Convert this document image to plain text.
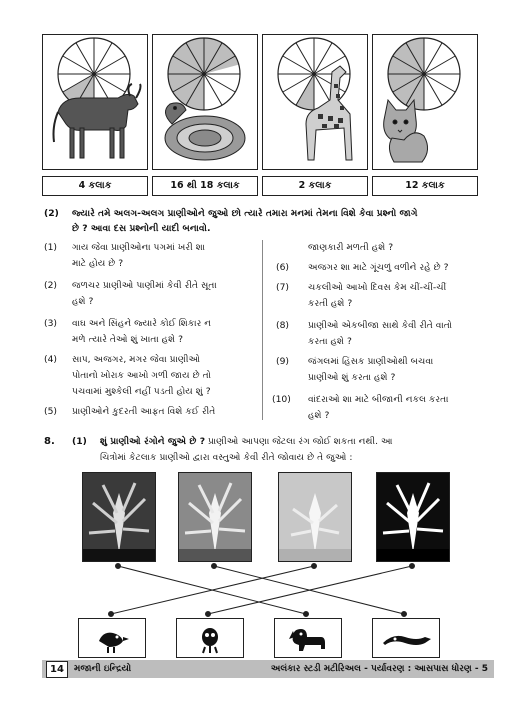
4 કલાક	16 થી 18 કલાક	2 કલાક	12 કલાક
(2) જ્યારે તમે અલગ-અલગ પ્રાણીઓને જુઓ છો ત્યારે તમારા મનમાં તેમના વિશે કેવા પ્રશ્નો જાગે
છે ? આવા દસ પ્રશ્નોની યાદી બનાવો.
(1) ગાય જેવા પ્રાણીઓના પગમાં ખરી શા
માટે હોય છે ?
(2) જળચર પ્રાણીઓ પાણીમાં કેવી રીતે સૂતા
હશે ?
(3) વાઘ અને સિંહને જ્યારે કોઈ શિકાર ન
મળે ત્યારે તેઓ શું ખાતા હશે ?
(4) સાપ, અજગર, મગર જેવા પ્રાણીઓ
પોતાનો ખોરાક આખો ગળી જાય છે તો
પચવામાં મુશ્કેલી નહીં પડતી હોય શું ?
(5) પ્રાણીઓને કુદરતી આફત વિશે કઈ રીતે
જાણકારી મળતી હશે ?
(6) અજગર શા માટે ગૂંચળું વળીને રહે છે ?
(7) ચકલીઓ આખો દિવસ કેમ ચીં-ચીં-ચીં
કરતી હશે ?
(8) પ્રાણીઓ એકબીજા સાથે કેવી રીતે વાતો
કરતા હશે ?
(9) જંગલમાં હિંસક પ્રાણીઓથી બચવા
પ્રાણીઓ શું કરતા હશે ?
(10) વાંદરાઓ શા માટે બીજાની નકલ કરતા
હશે ?
8. (1) શું પ્રાણીઓ રંગોને જુએ છે ? પ્રાણીઓ આપણા જેટલા રંગ જોઈ શકતા નથી. આ
ચિત્રોમાં કેટલાક પ્રાણીઓ દ્વારા વસ્તુઓ કેવી રીતે જોવાય છે તે જુઓ :
14	મજાની ઇન્દ્રિયો	અલંકાર સ્ટડી મટીરિઅલ - પર્યાવરણ : આસપાસ ધોરણ - 5
